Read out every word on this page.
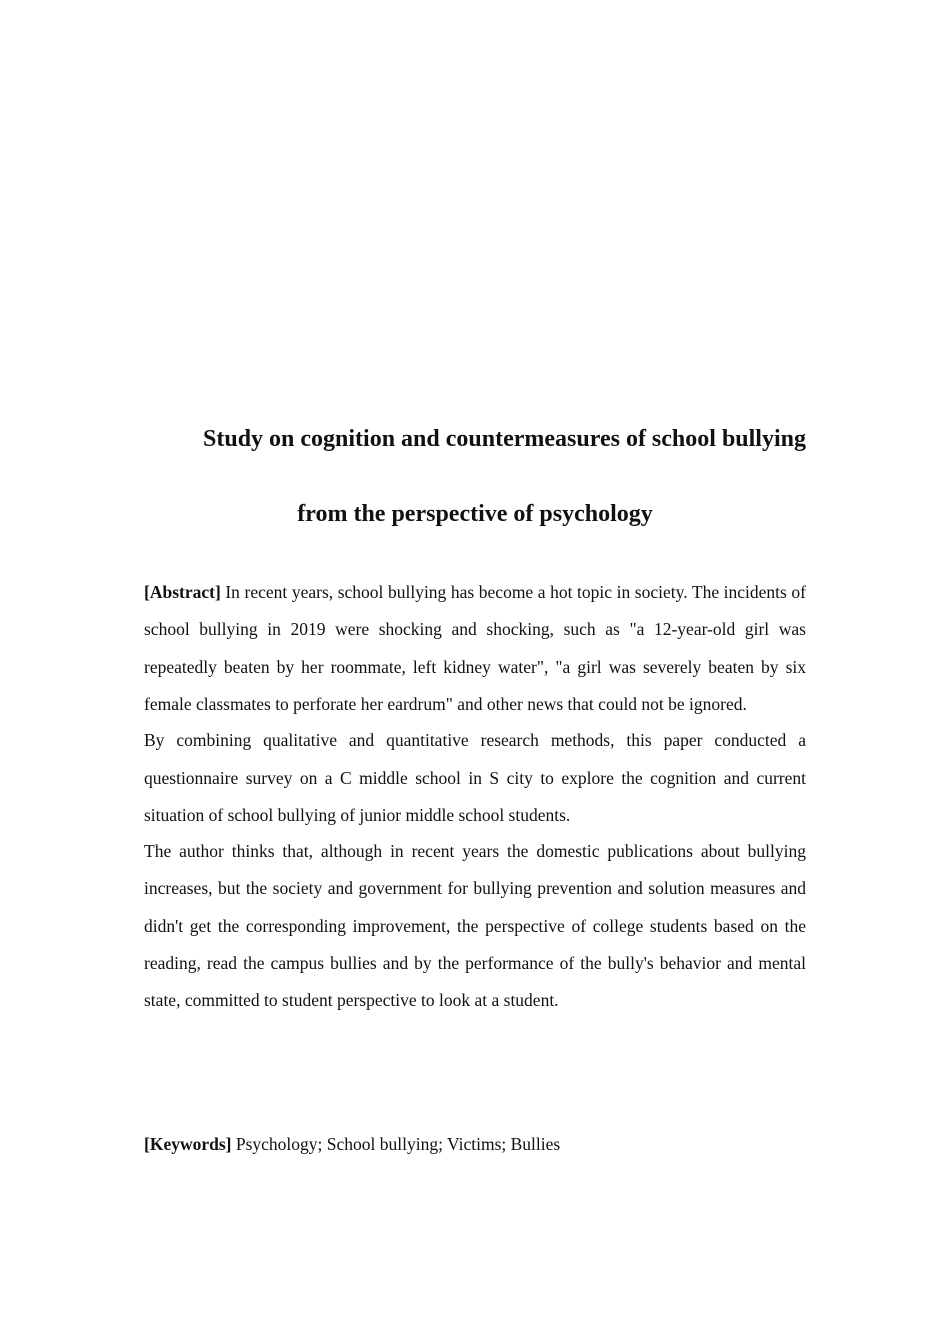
Study on cognition and countermeasures of school bullying
from the perspective of psychology

[Abstract] In recent years, school bullying has become a hot topic in society. The incidents of school bullying in 2019 were shocking and shocking, such as "a 12-year-old girl was repeatedly beaten by her roommate, left kidney water", "a girl was severely beaten by six female classmates to perforate her eardrum" and other news that could not be ignored.

By combining qualitative and quantitative research methods, this paper conducted a questionnaire survey on a C middle school in S city to explore the cognition and current situation of school bullying of junior middle school students.

The author thinks that, although in recent years the domestic publications about bullying increases, but the society and government for bullying prevention and solution measures and didn't get the corresponding improvement, the perspective of college students based on the reading, read the campus bullies and by the performance of the bully's behavior and mental state, committed to student perspective to look at a student.

[Keywords] Psychology; School bullying; Victims; Bullies
